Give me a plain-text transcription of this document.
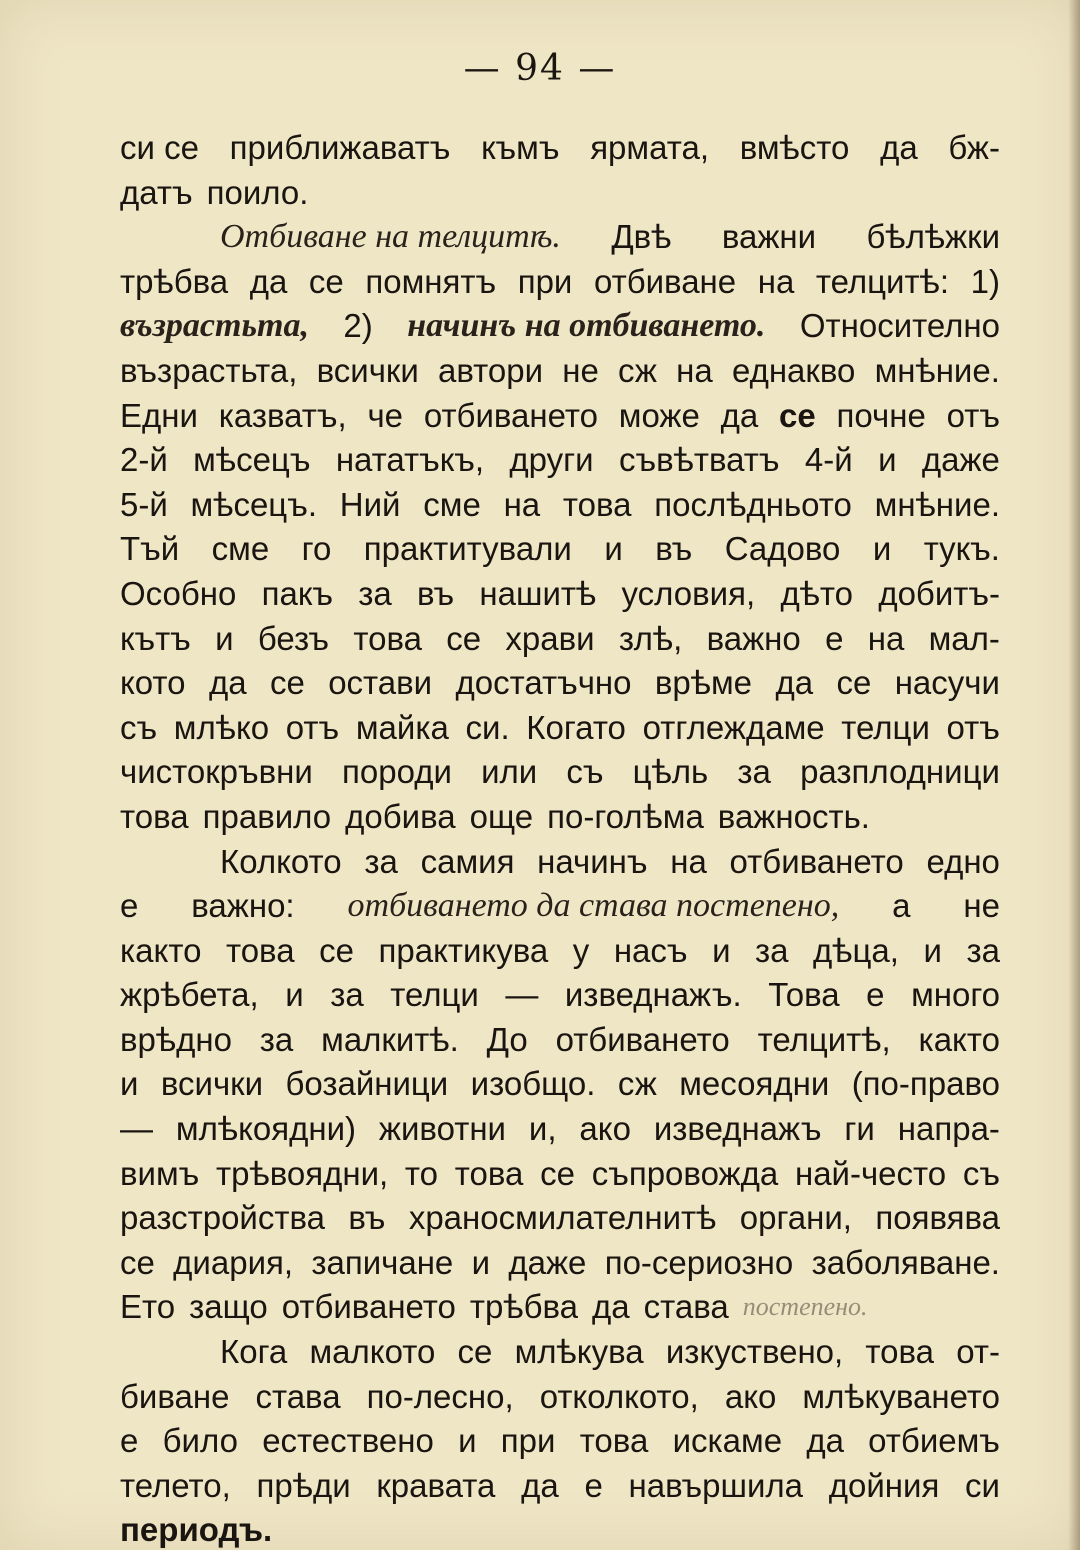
— 94 —
си се приближаватъ къмъ ярмата, вмѣсто да бж-
датъ поило.
Отбиване на телцитѣ. Двѣ важни бѣлѣжки
трѣбва да се помнятъ при отбиване на телцитѣ: 1)
възрастьта, 2) начинъ на отбиването. Относително
възрастьта, всички автори не сж на еднакво мнѣние.
Едни казватъ, че отбиването може да се почне отъ
2-й мѣсецъ нататъкъ, други съвѣтватъ 4-й и даже
5-й мѣсецъ. Ний сме на това послѣдньото мнѣние.
Тъй сме го практитували и въ Садово и тукъ.
Особно пакъ за въ нашитѣ условия, дѣто добитъ-
кътъ и безъ това се храви злѣ, важно е на мал-
кото да се остави достатъчно врѣме да се насучи
съ млѣко отъ майка си. Когато отглеждаме телци отъ
чистокръвни породи или съ цѣль за разплодници
това правило добива още по-голѣма важность.
Колкото за самия начинъ на отбиването едно
е важно: отбиването да става постепено, а не
както това се практикува у насъ и за дѣца, и за
жрѣбета, и за телци — изведнажъ. Това е много
врѣдно за малкитѣ. До отбиването телцитѣ, както
и всички бозайници изобщо. сж месоядни (по-право
— млѣкоядни) животни и, ако изведнажъ ги напра-
вимъ трѣвоядни, то това се съпровожда най-често съ
разстройства въ храносмилателнитѣ органи, появява
се диария, запичане и даже по-сериозно заболяване.
Ето защо отбиването трѣбва да става постепено.
Кога малкото се млѣкува изкуствено, това от-
биване става по-лесно, отколкото, ако млѣкуването
е било естествено и при това искаме да отбиемъ
телето, прѣди кравата да е навършила дойния си
периодъ.
